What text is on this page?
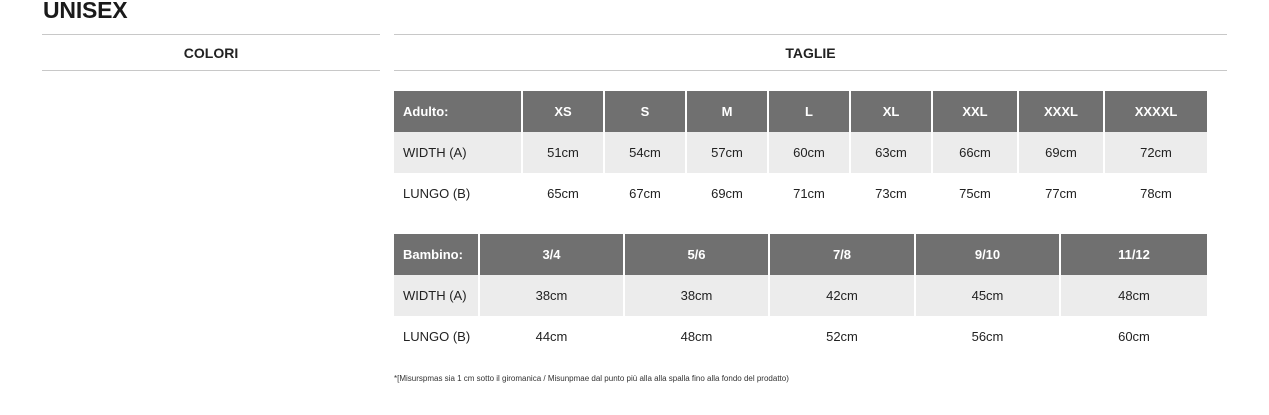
UNISEX
COLORI	TAGLIE
Adulto:	XS	S	M	L	XL	XXL	XXXL	XXXXL
WIDTH (A)	51cm	54cm	57cm	60cm	63cm	66cm	69cm	72cm
LUNGO (B)	65cm	67cm	69cm	71cm	73cm	75cm	77cm	78cm
Bambino:	3/4	5/6	7/8	9/10	11/12
WIDTH (A)	38cm	38cm	42cm	45cm	48cm
LUNGO (B)	44cm	48cm	52cm	56cm	60cm
*[Misurspmas sia 1 cm sotto il giromanica / Misunpmae dal punto più alla alla spalla fino alla fondo del prodatto)
